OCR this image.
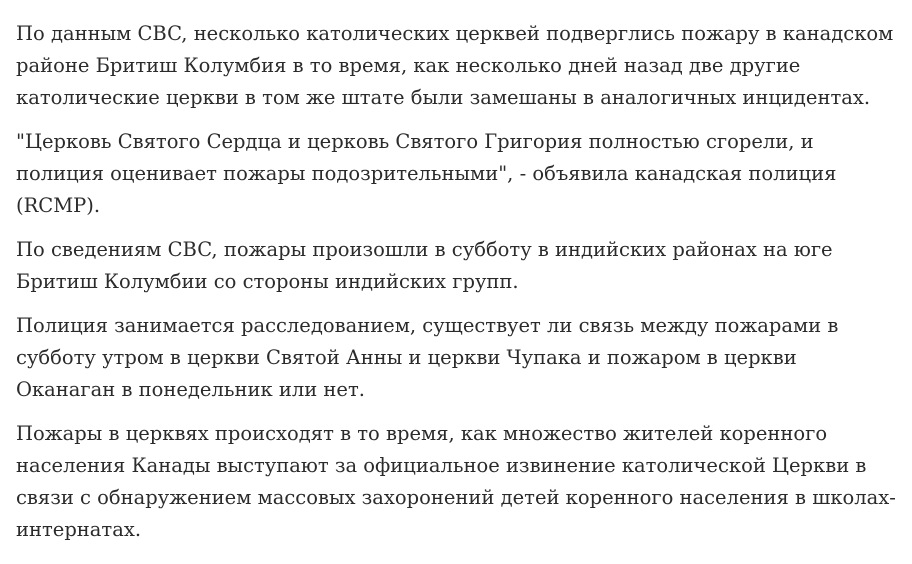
По данным CBC, несколько католических церквей подверглись пожару в канадском районе Бритиш Колумбия в то время, как несколько дней назад две другие католические церкви в том же штате были замешаны в аналогичных инцидентах.

"Церковь Святого Сердца и церковь Святого Григория полностью сгорели, и полиция оценивает пожары подозрительными", - объявила канадская полиция (RCMP).

По сведениям CBC, пожары произошли в субботу в индийских районах на юге Бритиш Колумбии со стороны индийских групп.

Полиция занимается расследованием, существует ли связь между пожарами в субботу утром в церкви Святой Анны и церкви Чупака и пожаром в церкви Оканаган в понедельник или нет.

Пожары в церквях происходят в то время, как множество жителей коренного населения Канады выступают за официальное извинение католической Церкви в связи с обнаружением массовых захоронений детей коренного населения в школах-интернатах.
